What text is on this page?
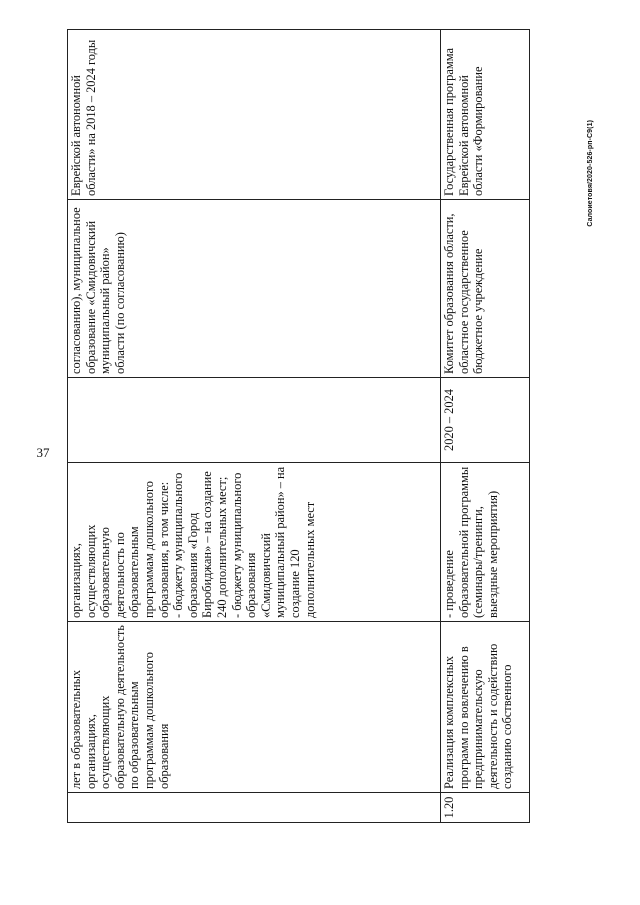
37
Салоиетовя/2020-526-рп-С9(1)
	лет в образовательных организациях, осуществляющих образовательную деятельность по образовательным программам дошкольного образования	организациях, осуществляющих образовательную деятельность по образовательным программам дошкольного образования, в том числе:
- бюджету муниципального образования «Город Биробиджан» – на создание 240 дополнительных мест;
- бюджету муниципального образования «Смидовичский муниципальный район» – на создание 120 дополнительных мест		согласованию), муниципальное образование «Смидовичский муниципальный район» области (по согласованию)	Еврейской автономной области» на 2018 – 2024 годы
1.20	Реализация комплексных программ по вовлечению в предпринимательскую деятельность и содействию созданию собственного	- проведение образовательной программы (семинары/тренинги, выездные мероприятия)	2020 – 2024	Комитет образования области, областное государственное бюджетное учреждение	Государственная программа Еврейской автономной области «Формирование
